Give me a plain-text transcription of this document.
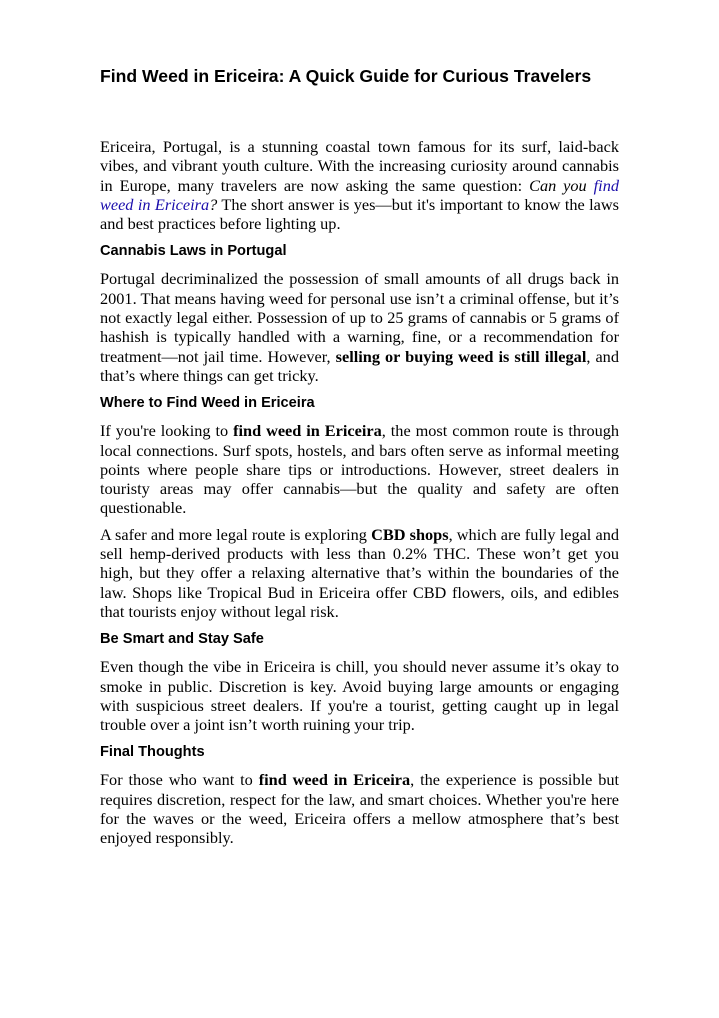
Find Weed in Ericeira: A Quick Guide for Curious Travelers

Ericeira, Portugal, is a stunning coastal town famous for its surf, laid-back vibes, and vibrant youth culture. With the increasing curiosity around cannabis in Europe, many travelers are now asking the same question: Can you find weed in Ericeira? The short answer is yes—but it's important to know the laws and best practices before lighting up.

Cannabis Laws in Portugal

Portugal decriminalized the possession of small amounts of all drugs back in 2001. That means having weed for personal use isn’t a criminal offense, but it’s not exactly legal either. Possession of up to 25 grams of cannabis or 5 grams of hashish is typically handled with a warning, fine, or a recommendation for treatment—not jail time. However, selling or buying weed is still illegal, and that’s where things can get tricky.

Where to Find Weed in Ericeira

If you're looking to find weed in Ericeira, the most common route is through local connections. Surf spots, hostels, and bars often serve as informal meeting points where people share tips or introductions. However, street dealers in touristy areas may offer cannabis—but the quality and safety are often questionable.

A safer and more legal route is exploring CBD shops, which are fully legal and sell hemp-derived products with less than 0.2% THC. These won’t get you high, but they offer a relaxing alternative that’s within the boundaries of the law. Shops like Tropical Bud in Ericeira offer CBD flowers, oils, and edibles that tourists enjoy without legal risk.

Be Smart and Stay Safe

Even though the vibe in Ericeira is chill, you should never assume it’s okay to smoke in public. Discretion is key. Avoid buying large amounts or engaging with suspicious street dealers. If you're a tourist, getting caught up in legal trouble over a joint isn’t worth ruining your trip.

Final Thoughts

For those who want to find weed in Ericeira, the experience is possible but requires discretion, respect for the law, and smart choices. Whether you're here for the waves or the weed, Ericeira offers a mellow atmosphere that’s best enjoyed responsibly.
